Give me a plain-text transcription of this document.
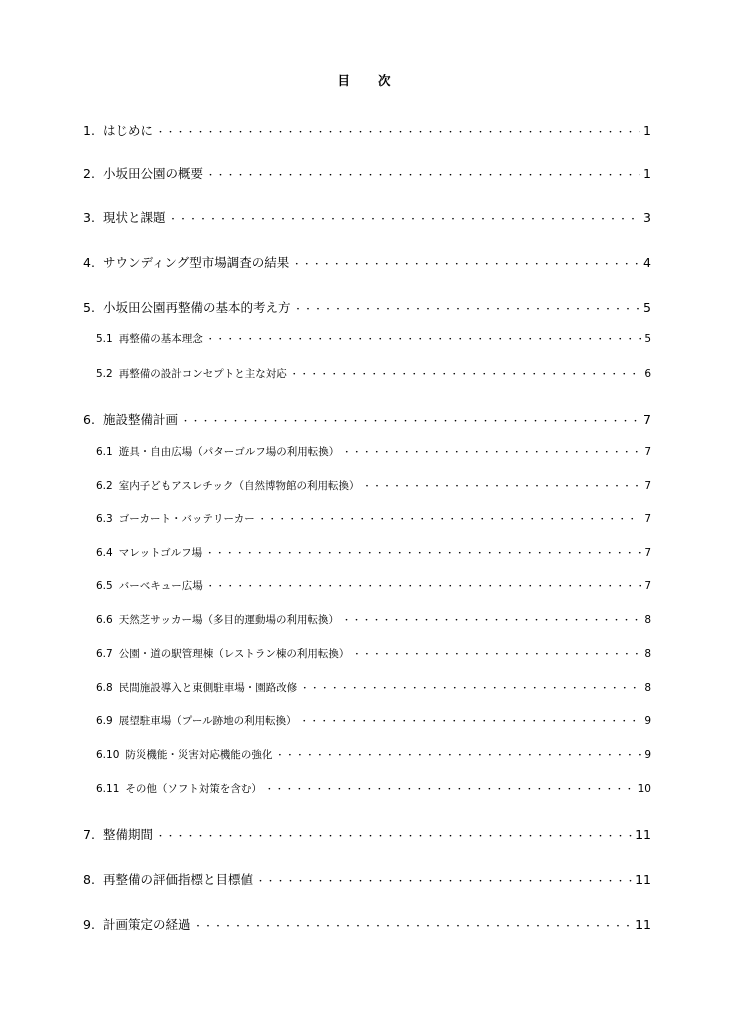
目 次
1. はじめに ・・・・・・・・・・・・・・・・・・・・・・・・・・・・・・・・・・・・・・・・・・・・・・・・・・・・・・・・・・・・・・・・・・・・・・・・・・・・・・・・・・・・・・・・・・・・・・・・・・・・・・・・・・・・・・・・	1
2. 小坂田公園の概要 ・・・・・・・・・・・・・・・・・・・・・・・・・・・・・・・・・・・・・・・・・・・・・・・・・・・・・・・・・・・・・・・・・・・・・・・・・・・・・・・・・・・・・・・・・・・・・・・・・・・・・・・・・・・・・・・・	1
3. 現状と課題 ・・・・・・・・・・・・・・・・・・・・・・・・・・・・・・・・・・・・・・・・・・・・・・・・・・・・・・・・・・・・・・・・・・・・・・・・・・・・・・・・・・・・・・・・・・・・・・・・・・・・・・・・・・・・・・・・	3
4. サウンディング型市場調査の結果 ・・・・・・・・・・・・・・・・・・・・・・・・・・・・・・・・・・・・・・・・・・・・・・・・・・・・・・・・・・・・・・・・・・・・・・・・・・・・・・・・・・・・・・・・・・・・・・・・・・・・・・・・・・・・・・・・	4
5. 小坂田公園再整備の基本的考え方 ・・・・・・・・・・・・・・・・・・・・・・・・・・・・・・・・・・・・・・・・・・・・・・・・・・・・・・・・・・・・・・・・・・・・・・・・・・・・・・・・・・・・・・・・・・・・・・・・・・・・・・・・・・・・・・・・	5
5.1 再整備の基本理念 ・・・・・・・・・・・・・・・・・・・・・・・・・・・・・・・・・・・・・・・・・・・・・・・・・・・・・・・・・・・・・・・・・・・・・・・・・・・・・・・・・・・・・・・・・・・・・・・・・・・・・・・・・・・・・・・・	5
5.2 再整備の設計コンセプトと主な対応 ・・・・・・・・・・・・・・・・・・・・・・・・・・・・・・・・・・・・・・・・・・・・・・・・・・・・・・・・・・・・・・・・・・・・・・・・・・・・・・・・・・・・・・・・・・・・・・・・・・・・・・・・・・・・・・・・	6
6. 施設整備計画 ・・・・・・・・・・・・・・・・・・・・・・・・・・・・・・・・・・・・・・・・・・・・・・・・・・・・・・・・・・・・・・・・・・・・・・・・・・・・・・・・・・・・・・・・・・・・・・・・・・・・・・・・・・・・・・・・	7
6.1 遊具・自由広場（パターゴルフ場の利用転換） ・・・・・・・・・・・・・・・・・・・・・・・・・・・・・・・・・・・・・・・・・・・・・・・・・・・・・・・・・・・・・・・・・・・・・・・・・・・・・・・・・・・・・・・・・・・・・・・・・・・・・・・・・・・・・・・・	7
6.2 室内子どもアスレチック（自然博物館の利用転換） ・・・・・・・・・・・・・・・・・・・・・・・・・・・・・・・・・・・・・・・・・・・・・・・・・・・・・・・・・・・・・・・・・・・・・・・・・・・・・・・・・・・・・・・・・・・・・・・・・・・・・・・・・・・・・・・・	7
6.3 ゴーカート・バッテリーカー ・・・・・・・・・・・・・・・・・・・・・・・・・・・・・・・・・・・・・・・・・・・・・・・・・・・・・・・・・・・・・・・・・・・・・・・・・・・・・・・・・・・・・・・・・・・・・・・・・・・・・・・・・・・・・・・・	7
6.4 マレットゴルフ場 ・・・・・・・・・・・・・・・・・・・・・・・・・・・・・・・・・・・・・・・・・・・・・・・・・・・・・・・・・・・・・・・・・・・・・・・・・・・・・・・・・・・・・・・・・・・・・・・・・・・・・・・・・・・・・・・・	7
6.5 バーベキュー広場 ・・・・・・・・・・・・・・・・・・・・・・・・・・・・・・・・・・・・・・・・・・・・・・・・・・・・・・・・・・・・・・・・・・・・・・・・・・・・・・・・・・・・・・・・・・・・・・・・・・・・・・・・・・・・・・・・	7
6.6 天然芝サッカー場（多目的運動場の利用転換） ・・・・・・・・・・・・・・・・・・・・・・・・・・・・・・・・・・・・・・・・・・・・・・・・・・・・・・・・・・・・・・・・・・・・・・・・・・・・・・・・・・・・・・・・・・・・・・・・・・・・・・・・・・・・・・・・	8
6.7 公園・道の駅管理棟（レストラン棟の利用転換） ・・・・・・・・・・・・・・・・・・・・・・・・・・・・・・・・・・・・・・・・・・・・・・・・・・・・・・・・・・・・・・・・・・・・・・・・・・・・・・・・・・・・・・・・・・・・・・・・・・・・・・・・・・・・・・・・	8
6.8 民間施設導入と東側駐車場・園路改修 ・・・・・・・・・・・・・・・・・・・・・・・・・・・・・・・・・・・・・・・・・・・・・・・・・・・・・・・・・・・・・・・・・・・・・・・・・・・・・・・・・・・・・・・・・・・・・・・・・・・・・・・・・・・・・・・・	8
6.9 展望駐車場（プール跡地の利用転換） ・・・・・・・・・・・・・・・・・・・・・・・・・・・・・・・・・・・・・・・・・・・・・・・・・・・・・・・・・・・・・・・・・・・・・・・・・・・・・・・・・・・・・・・・・・・・・・・・・・・・・・・・・・・・・・・・	9
6.10 防災機能・災害対応機能の強化 ・・・・・・・・・・・・・・・・・・・・・・・・・・・・・・・・・・・・・・・・・・・・・・・・・・・・・・・・・・・・・・・・・・・・・・・・・・・・・・・・・・・・・・・・・・・・・・・・・・・・・・・・・・・・・・・・	9
6.11 その他（ソフト対策を含む） ・・・・・・・・・・・・・・・・・・・・・・・・・・・・・・・・・・・・・・・・・・・・・・・・・・・・・・・・・・・・・・・・・・・・・・・・・・・・・・・・・・・・・・・・・・・・・・・・・・・・・・・・・・・・・・・・	10
7. 整備期間 ・・・・・・・・・・・・・・・・・・・・・・・・・・・・・・・・・・・・・・・・・・・・・・・・・・・・・・・・・・・・・・・・・・・・・・・・・・・・・・・・・・・・・・・・・・・・・・・・・・・・・・・・・・・・・・・・	11
8. 再整備の評価指標と目標値 ・・・・・・・・・・・・・・・・・・・・・・・・・・・・・・・・・・・・・・・・・・・・・・・・・・・・・・・・・・・・・・・・・・・・・・・・・・・・・・・・・・・・・・・・・・・・・・・・・・・・・・・・・・・・・・・・	11
9. 計画策定の経過 ・・・・・・・・・・・・・・・・・・・・・・・・・・・・・・・・・・・・・・・・・・・・・・・・・・・・・・・・・・・・・・・・・・・・・・・・・・・・・・・・・・・・・・・・・・・・・・・・・・・・・・・・・・・・・・・・	11
